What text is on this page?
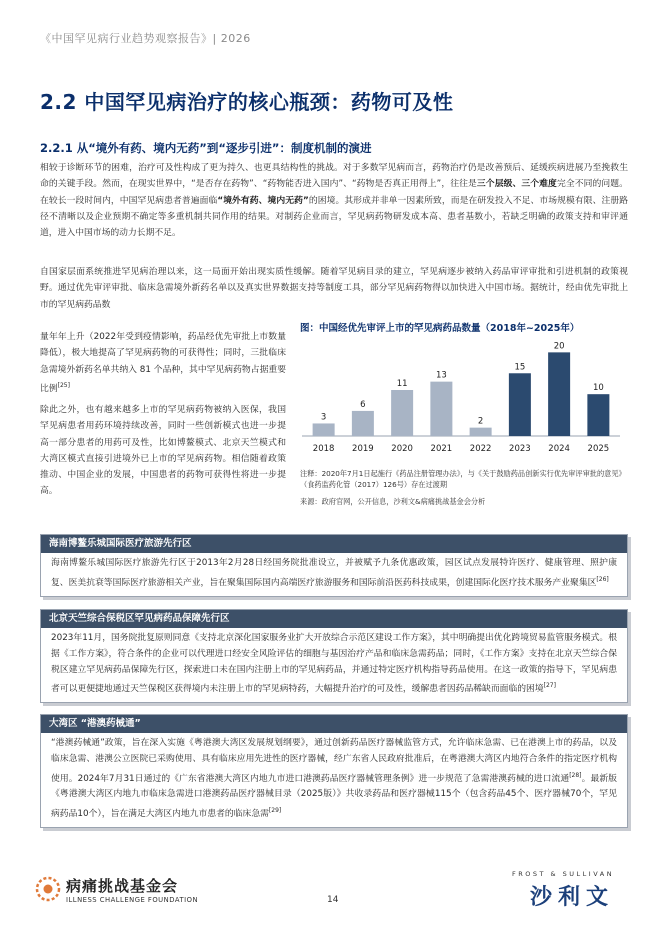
《中国罕见病行业趋势观察报告》| 2026
2.2 中国罕见病治疗的核心瓶颈：药物可及性
2.2.1 从“境外有药、境内无药”到“逐步引进”：制度机制的演进
相较于诊断环节的困难，治疗可及性构成了更为持久、也更具结构性的挑战。对于多数罕见病而言，药物治疗仍是改善预后、延缓疾病进展乃至挽救生命的关键手段。然而，在现实世界中，“是否存在药物”、“药物能否进入国内”、“药物是否真正用得上”，往往是三个层级、三个难度完全不同的问题。在较长一段时间内，中国罕见病患者普遍面临“境外有药、境内无药”的困境。其形成并非单一因素所致，而是在研发投入不足、市场规模有限、注册路径不清晰以及企业预期不确定等多重机制共同作用的结果。对制药企业而言，罕见病药物研发成本高、患者基数小，若缺乏明确的政策支持和审评通道，进入中国市场的动力长期不足。
自国家层面系统推进罕见病治理以来，这一局面开始出现实质性缓解。随着罕见病目录的建立，罕见病逐步被纳入药品审评审批和引进机制的政策视野。通过优先审评审批、临床急需境外新药名单以及真实世界数据支持等制度工具，部分罕见病药物得以加快进入中国市场。据统计，经由优先审批上市的罕见病药品数
量年年上升（2022年受到疫情影响，药品经优先审批上市数量降低），极大地提高了罕见病药物的可获得性；同时，三批临床急需境外新药名单共纳入 81 个品种，其中罕见病药物占据重要比例[25]
除此之外，也有越来越多上市的罕见病药物被纳入医保，我国罕见病患者用药环境持续改善，同时一些创新模式也进一步提高一部分患者的用药可及性，比如博鳌模式、北京天竺模式和大湾区模式直接引进境外已上市的罕见病药物。相信随着政策推动、中国企业的发展，中国患者的药物可获得性将进一步提高。
图：中国经优先审评上市的罕见病药品数量（2018年~2025年）
3
6
11
13
2
15
20
10
2018 2019 2020 2021 2022 2023 2024 2025
注释：2020年7月1日起施行《药品注册管理办法》，与《关于鼓励药品创新实行优先审评审批的意见》（食药监药化管（2017）126号）存在过渡期
来源：政府官网，公开信息，沙利文&病痛挑战基金会分析
海南博鳌乐城国际医疗旅游先行区
海南博鳌乐城国际医疗旅游先行区于2013年2月28日经国务院批准设立，并被赋予九条优惠政策，园区试点发展特许医疗、健康管理、照护康复、医美抗衰等国际医疗旅游相关产业，旨在聚集国际国内高端医疗旅游服务和国际前沿医药科技成果，创建国际化医疗技术服务产业聚集区[26]
北京天竺综合保税区罕见病药品保障先行区
2023年11月，国务院批复原则同意《支持北京深化国家服务业扩大开放综合示范区建设工作方案》，其中明确提出优化跨境贸易监管服务模式。根据《工作方案》，符合条件的企业可以代理进口经安全风险评估的细胞与基因治疗产品和临床急需药品；同时，《工作方案》支持在北京天竺综合保税区建立罕见病药品保障先行区，探索进口未在国内注册上市的罕见病药品，并通过特定医疗机构指导药品使用。在这一政策的指导下，罕见病患者可以更便捷地通过天竺保税区获得境内未注册上市的罕见病特药，大幅提升治疗的可及性，缓解患者因药品稀缺而面临的困境[27]
大湾区 “港澳药械通”
“港澳药械通”政策，旨在深入实施《粤港澳大湾区发展规划纲要》，通过创新药品医疗器械监管方式，允许临床急需、已在港澳上市的药品，以及临床急需、港澳公立医院已采购使用、具有临床应用先进性的医疗器械，经广东省人民政府批准后，在粤港澳大湾区内地符合条件的指定医疗机构使用。2024年7月31日通过的《广东省港澳大湾区内地九市进口港澳药品医疗器械管理条例》进一步规范了急需港澳药械的进口流通[28]。最新版《粤港澳大湾区内地九市临床急需进口港澳药品医疗器械目录（2025版）》共收录药品和医疗器械115个（包含药品45个、医疗器械70个，罕见病药品10个），旨在满足大湾区内地九市患者的临床急需[29]
病痛挑战基金会
ILLNESS CHALLENGE FOUNDATION	14
FROST & SULLIVAN
沙利文
